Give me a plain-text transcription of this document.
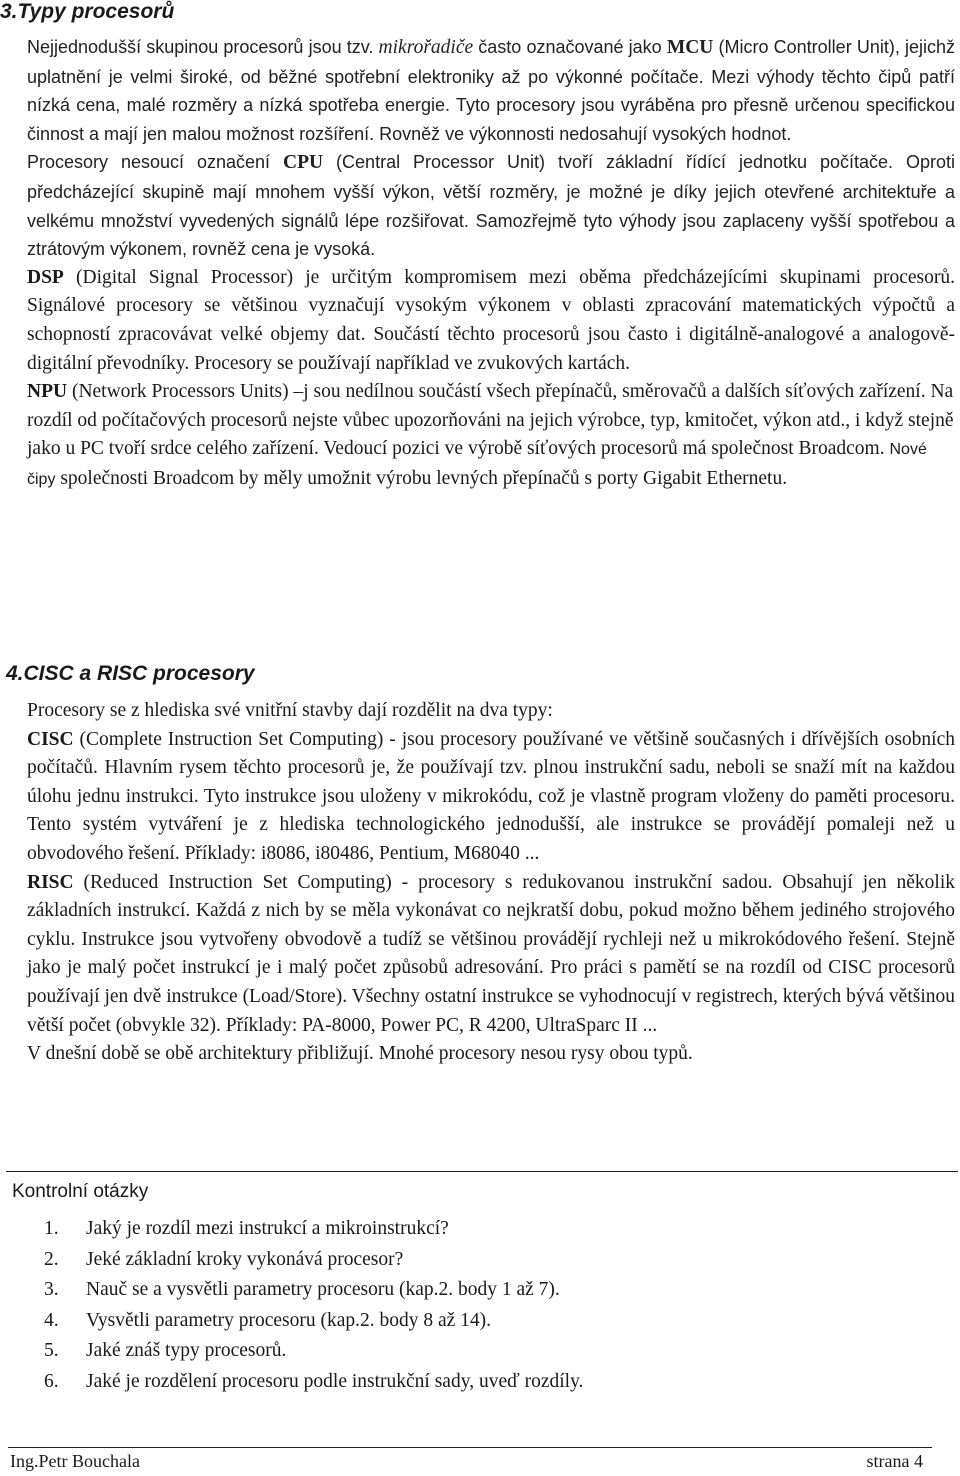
3.Typy procesorů

Nejjednodušší skupinou procesorů jsou tzv. mikrořadiče často označované jako MCU (Micro Controller Unit), jejichž uplatnění je velmi široké, od běžné spotřební elektroniky až po výkonné počítače. Mezi výhody těchto čipů patří nízká cena, malé rozměry a nízká spotřeba energie. Tyto procesory jsou vyráběna pro přesně určenou specifickou činnost a mají jen malou možnost rozšíření. Rovněž ve výkonnosti nedosahují vysokých hodnot.

Procesory nesoucí označení CPU (Central Processor Unit) tvoří základní řídící jednotku počítače. Oproti předcházející skupině mají mnohem vyšší výkon, větší rozměry, je možné je díky jejich otevřené architektuře a velkému množství vyvedených signálů lépe rozšiřovat. Samozřejmě tyto výhody jsou zaplaceny vyšší spotřebou a ztrátovým výkonem, rovněž cena je vysoká.

DSP (Digital Signal Processor) je určitým kompromisem mezi oběma předcházejícími skupinami procesorů. Signálové procesory se většinou vyznačují vysokým výkonem v oblasti zpracování matematických výpočtů a schopností zpracovávat velké objemy dat. Součástí těchto procesorů jsou často i digitálně-analogové a analogově-digitální převodníky. Procesory se používají například ve zvukových kartách.

NPU (Network Processors Units) –j sou nedílnou součástí všech přepínačů, směrovačů a dalších síťových zařízení. Na rozdíl od počítačových procesorů nejste vůbec upozorňováni na jejich výrobce, typ, kmitočet, výkon atd., i když stejně jako u PC tvoří srdce celého zařízení. Vedoucí pozici ve výrobě síťových procesorů má společnost Broadcom. Nové čipy společnosti Broadcom by měly umožnit výrobu levných přepínačů s porty Gigabit Ethernetu.

4.CISC a RISC procesory

Procesory se z hlediska své vnitřní stavby dají rozdělit na dva typy:

CISC (Complete Instruction Set Computing) - jsou procesory používané ve většině současných i dřívějších osobních počítačů. Hlavním rysem těchto procesorů je, že používají tzv. plnou instrukční sadu, neboli se snaží mít na každou úlohu jednu instrukci. Tyto instrukce jsou uloženy v mikrokódu, což je vlastně program vloženy do paměti procesoru. Tento systém vytváření je z hlediska technologického jednodušší, ale instrukce se provádějí pomaleji než u obvodového řešení. Příklady: i8086, i80486, Pentium, M68040 ...

RISC (Reduced Instruction Set Computing) - procesory s redukovanou instrukční sadou. Obsahují jen několik základních instrukcí. Každá z nich by se měla vykonávat co nejkratší dobu, pokud možno během jediného strojového cyklu. Instrukce jsou vytvořeny obvodově a tudíž se většinou provádějí rychleji než u mikrokódového řešení. Stejně jako je malý počet instrukcí je i malý počet způsobů adresování. Pro práci s pamětí se na rozdíl od CISC procesorů používají jen dvě instrukce (Load/Store). Všechny ostatní instrukce se vyhodnocují v registrech, kterých bývá většinou větší počet (obvykle 32). Příklady: PA-8000, Power PC, R 4200, UltraSparc II ...

V dnešní době se obě architektury přibližují. Mnohé procesory nesou rysy obou typů.

Kontrolní otázky
1. Jaký je rozdíl mezi instrukcí a mikroinstrukcí?
2. Jeké základní kroky vykonává procesor?
3. Nauč se a vysvětli parametry procesoru (kap.2. body 1 až 7).
4. Vysvětli parametry procesoru (kap.2. body 8 až 14).
5. Jaké znáš typy procesorů.
6. Jaké je rozdělení procesoru podle instrukční sady, uveď rozdíly.
Ing.Petr Bouchala	strana 4
